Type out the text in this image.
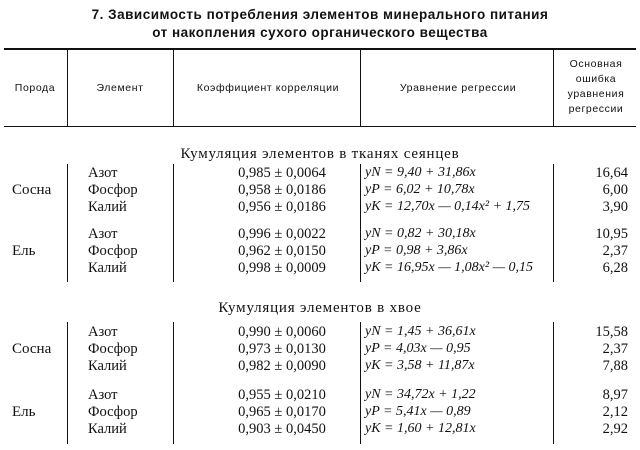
7. Зависимость потребления элементов минерального питания
от накопления сухого органического вещества
Порода	Элемент	Коэффициент корреляции	Уравнение регрессии
Основная
ошибка
уравнения
регрессии
Кумуляция элементов в тканях сеянцев
Сосна
Азот	0,985 ± 0,0064	yN = 9,40 + 31,86x	16,64
Фосфор	0,958 ± 0,0186	yP = 6,02 + 10,78x	6,00
Калий	0,956 ± 0,0186	yK = 12,70x — 0,14x² + 1,75	3,90
Ель
Азот	0,996 ± 0,0022	yN = 0,82 + 30,18x	10,95
Фосфор	0,962 ± 0,0150	yP = 0,98 + 3,86x	2,37
Калий	0,998 ± 0,0009	yK = 16,95x — 1,08x² — 0,15	6,28
Кумуляция элементов в хвое
Сосна
Азот	0,990 ± 0,0060	yN = 1,45 + 36,61x	15,58
Фосфор	0,973 ± 0,0130	yP = 4,03x — 0,95	2,37
Калий	0,982 ± 0,0090	yK = 3,58 + 11,87x	7,88
Ель
Азот	0,955 ± 0,0210	yN = 34,72x + 1,22	8,97
Фосфор	0,965 ± 0,0170	yP = 5,41x — 0,89	2,12
Калий	0,903 ± 0,0450	yK = 1,60 + 12,81x	2,92
